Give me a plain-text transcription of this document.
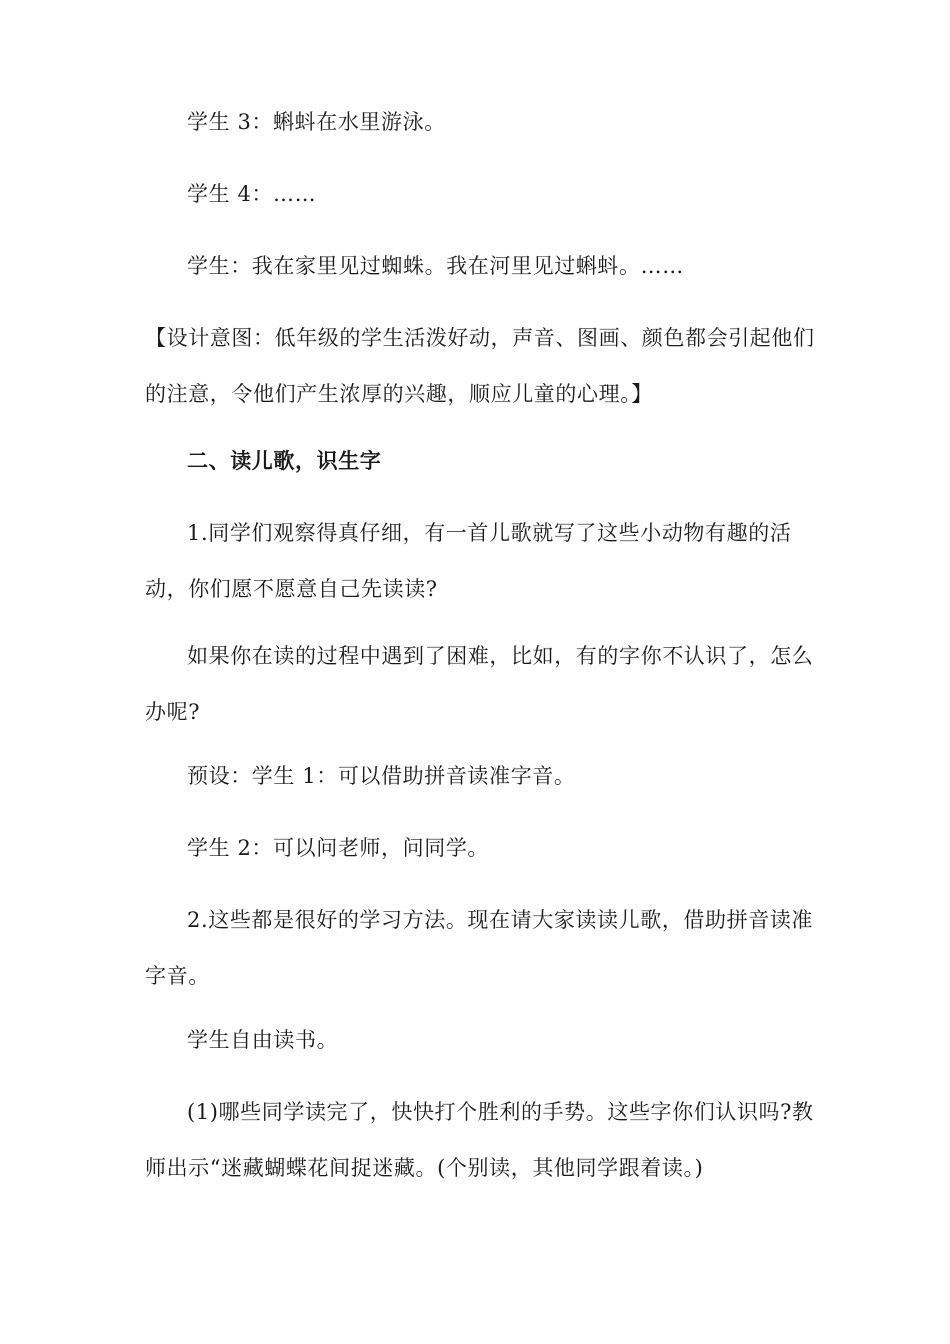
学生 3：蝌蚪在水里游泳。

学生 4：……

学生：我在家里见过蜘蛛。我在河里见过蝌蚪。……

【设计意图：低年级的学生活泼好动，声音、图画、颜色都会引起他们的注意，令他们产生浓厚的兴趣，顺应儿童的心理。】

二、读儿歌，识生字

1.同学们观察得真仔细，有一首儿歌就写了这些小动物有趣的活动，你们愿不愿意自己先读读?

如果你在读的过程中遇到了困难，比如，有的字你不认识了，怎么办呢?

预设：学生 1：可以借助拼音读准字音。

学生 2：可以问老师，问同学。

2.这些都是很好的学习方法。现在请大家读读儿歌，借助拼音读准字音。

学生自由读书。

(1)哪些同学读完了，快快打个胜利的手势。这些字你们认识吗?教师出示“迷藏蝴蝶花间捉迷藏。(个别读，其他同学跟着读。)
